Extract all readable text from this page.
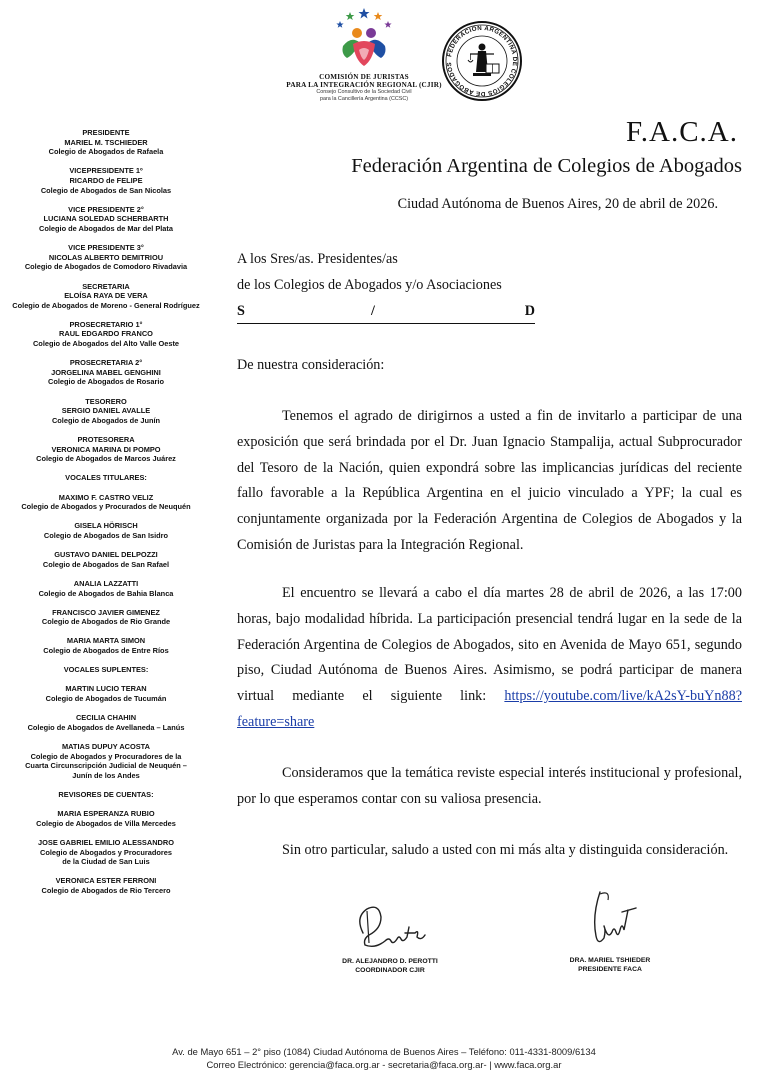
COMISIÓN DE JURISTAS
PARA LA INTEGRACIÓN REGIONAL (CJIR)
Consejo Consultivo de la Sociedad Civil
para la Cancillería Argentina (CCSC)
FEDERACION ARGENTINA DE COLEGIOS DE ABOGADOS
PRESIDENTE
MARIEL M. TSCHIEDER
Colegio de Abogados de Rafaela
VICEPRESIDENTE 1º
RICARDO de FELIPE
Colegio de Abogados de San Nicolas
VICE PRESIDENTE 2°
LUCIANA SOLEDAD SCHERBARTH
Colegio de Abogados de Mar del Plata
VICE PRESIDENTE 3°
NICOLAS ALBERTO DEMITRIOU
Colegio de Abogados de Comodoro Rivadavia
SECRETARIA
ELOÍSA RAYA DE VERA
Colegio de Abogados de Moreno - General Rodríguez
PROSECRETARIO 1°
RAUL EDGARDO FRANCO
Colegio de Abogados del Alto Valle Oeste
PROSECRETARIA 2°
JORGELINA MABEL GENGHINI
Colegio de Abogados de Rosario
TESORERO
SERGIO DANIEL AVALLE
Colegio de Abogados de Junín
PROTESORERA
VERONICA MARINA DI POMPO
Colegio de Abogados de Marcos Juárez
VOCALES TITULARES:
MAXIMO F. CASTRO VELIZ
Colegio de Abogados y Procurados de Neuquén
GISELA HÖRISCH
Colegio de Abogados de San Isidro
GUSTAVO DANIEL DELPOZZI
Colegio de Abogados de San Rafael
ANALIA LAZZATTI
Colegio de Abogados de Bahia Blanca
FRANCISCO JAVIER GIMENEZ
Colegio de Abogados de Rio Grande
MARIA MARTA SIMON
Colegio de Abogados de Entre Ríos
VOCALES SUPLENTES:
MARTIN LUCIO TERAN
Colegio de Abogados de Tucumán
CECILIA CHAHIN
Colegio de Abogados de Avellaneda – Lanús
MATIAS DUPUY ACOSTA
Colegio de Abogados y Procuradores de la
Cuarta Circunscripción Judicial de Neuquén –
Junín de los Andes
REVISORES DE CUENTAS:
MARIA ESPERANZA RUBIO
Colegio de Abogados de Villa Mercedes
JOSE GABRIEL EMILIO ALESSANDRO
Colegio de Abogados y Procuradores
de la Ciudad de San Luis
VERONICA ESTER FERRONI
Colegio de Abogados de Rio Tercero
F.A.C.A.
Federación Argentina de Colegios de Abogados
Ciudad Autónoma de Buenos Aires, 20 de abril de 2026.
A los Sres/as. Presidentes/as
de los Colegios de Abogados y/o Asociaciones
S	/	D
De nuestra consideración:
Tenemos el agrado de dirigirnos a usted a fin de invitarlo a participar de una exposición que será brindada por el Dr. Juan Ignacio Stampalija, actual Subprocurador del Tesoro de la Nación, quien expondrá sobre las implicancias jurídicas del reciente fallo favorable a la República Argentina en el juicio vinculado a YPF; la cual es conjuntamente organizada por la Federación Argentina de Colegios de Abogados y la Comisión de Juristas para la Integración Regional.
El encuentro se llevará a cabo el día martes 28 de abril de 2026, a las 17:00 horas, bajo modalidad híbrida. La participación presencial tendrá lugar en la sede de la Federación Argentina de Colegios de Abogados, sito en Avenida de Mayo 651, segundo piso, Ciudad Autónoma de Buenos Aires. Asimismo, se podrá participar de manera virtual mediante el siguiente link: https://youtube.com/live/kA2sY-buYn88?feature=share
Consideramos que la temática reviste especial interés institucional y profesional, por lo que esperamos contar con su valiosa presencia.
Sin otro particular, saludo a usted con mi más alta y distinguida consideración.
DR. ALEJANDRO D. PEROTTI
COORDINADOR CJIR
DRA. MARIEL TSHIEDER
PRESIDENTE FACA
Av. de Mayo 651 – 2° piso (1084) Ciudad Autónoma de Buenos Aires – Teléfono: 011-4331-8009/6134
Correo Electrónico: gerencia@faca.org.ar - secretaria@faca.org.ar- | www.faca.org.ar
